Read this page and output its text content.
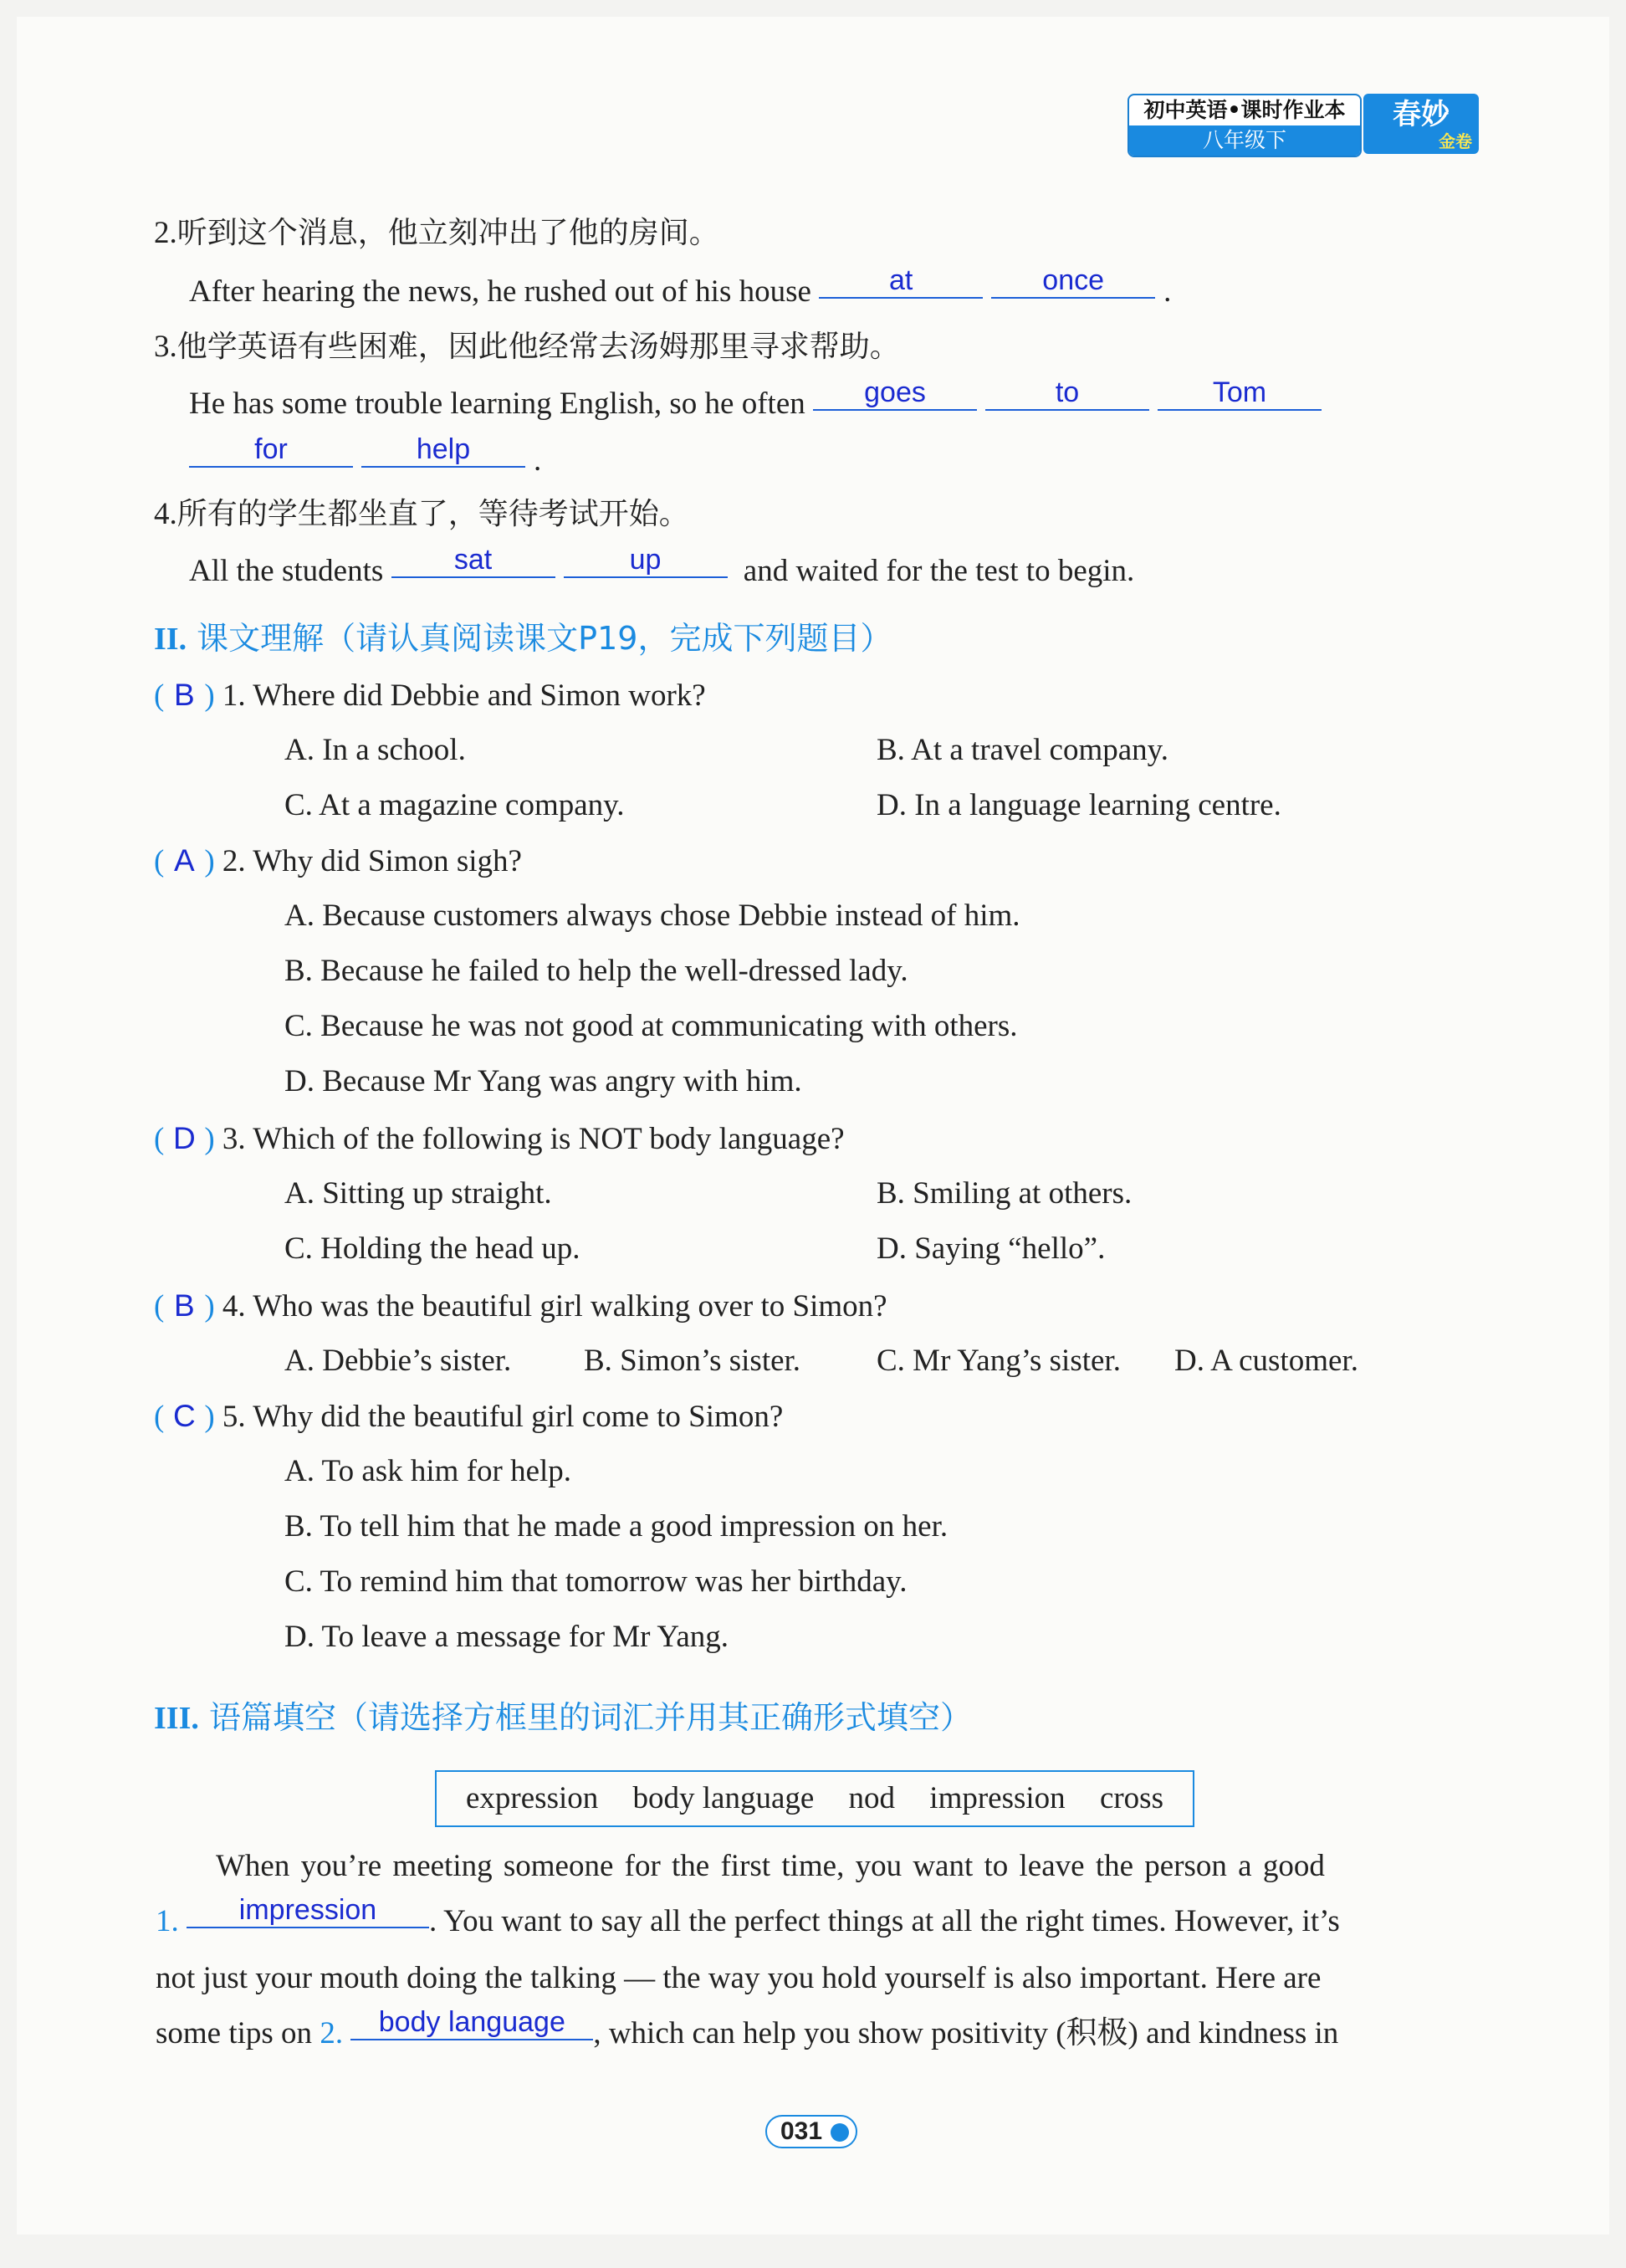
初中英语•课时作业本
八年级下
春妙
金卷
2.听到这个消息，他立刻冲出了他的房间。
After hearing the news, he rushed out of his house	at	once .
3.他学英语有些困难，因此他经常去汤姆那里寻求帮助。
He has some trouble learning English, so he often goes	to	Tom
for	help .
4.所有的学生都坐直了，等待考试开始。
All the students sat	up	and waited for the test to begin.
II. 课文理解（请认真阅读课文P19，完成下列题目）
( B ) 1. Where did Debbie and Simon work?
A. In a school.	B. At a travel company.
C. At a magazine company.	D. In a language learning centre.
( A ) 2. Why did Simon sigh?
A. Because customers always chose Debbie instead of him.
B. Because he failed to help the well-dressed lady.
C. Because he was not good at communicating with others.
D. Because Mr Yang was angry with him.
( D ) 3. Which of the following is NOT body language?
A. Sitting up straight.	B. Smiling at others.
C. Holding the head up.	D. Saying “hello”.
( B ) 4. Who was the beautiful girl walking over to Simon?
A. Debbie’s sister. B. Simon’s sister. C. Mr Yang’s sister. D. A customer.
( C ) 5. Why did the beautiful girl come to Simon?
A. To ask him for help.
B. To tell him that he made a good impression on her.
C. To remind him that tomorrow was her birthday.
D. To leave a message for Mr Yang.
III. 语篇填空（请选择方框里的词汇并用其正确形式填空）
expression body language nod impression cross
When you’re meeting someone for the first time, you want to leave the person a good
1. impression . You want to say all the perfect things at all the right times. However, it’s
not just your mouth doing the talking — the way you hold yourself is also important. Here are
some tips on 2. body language , which can help you show positivity (积极) and kindness in
031
